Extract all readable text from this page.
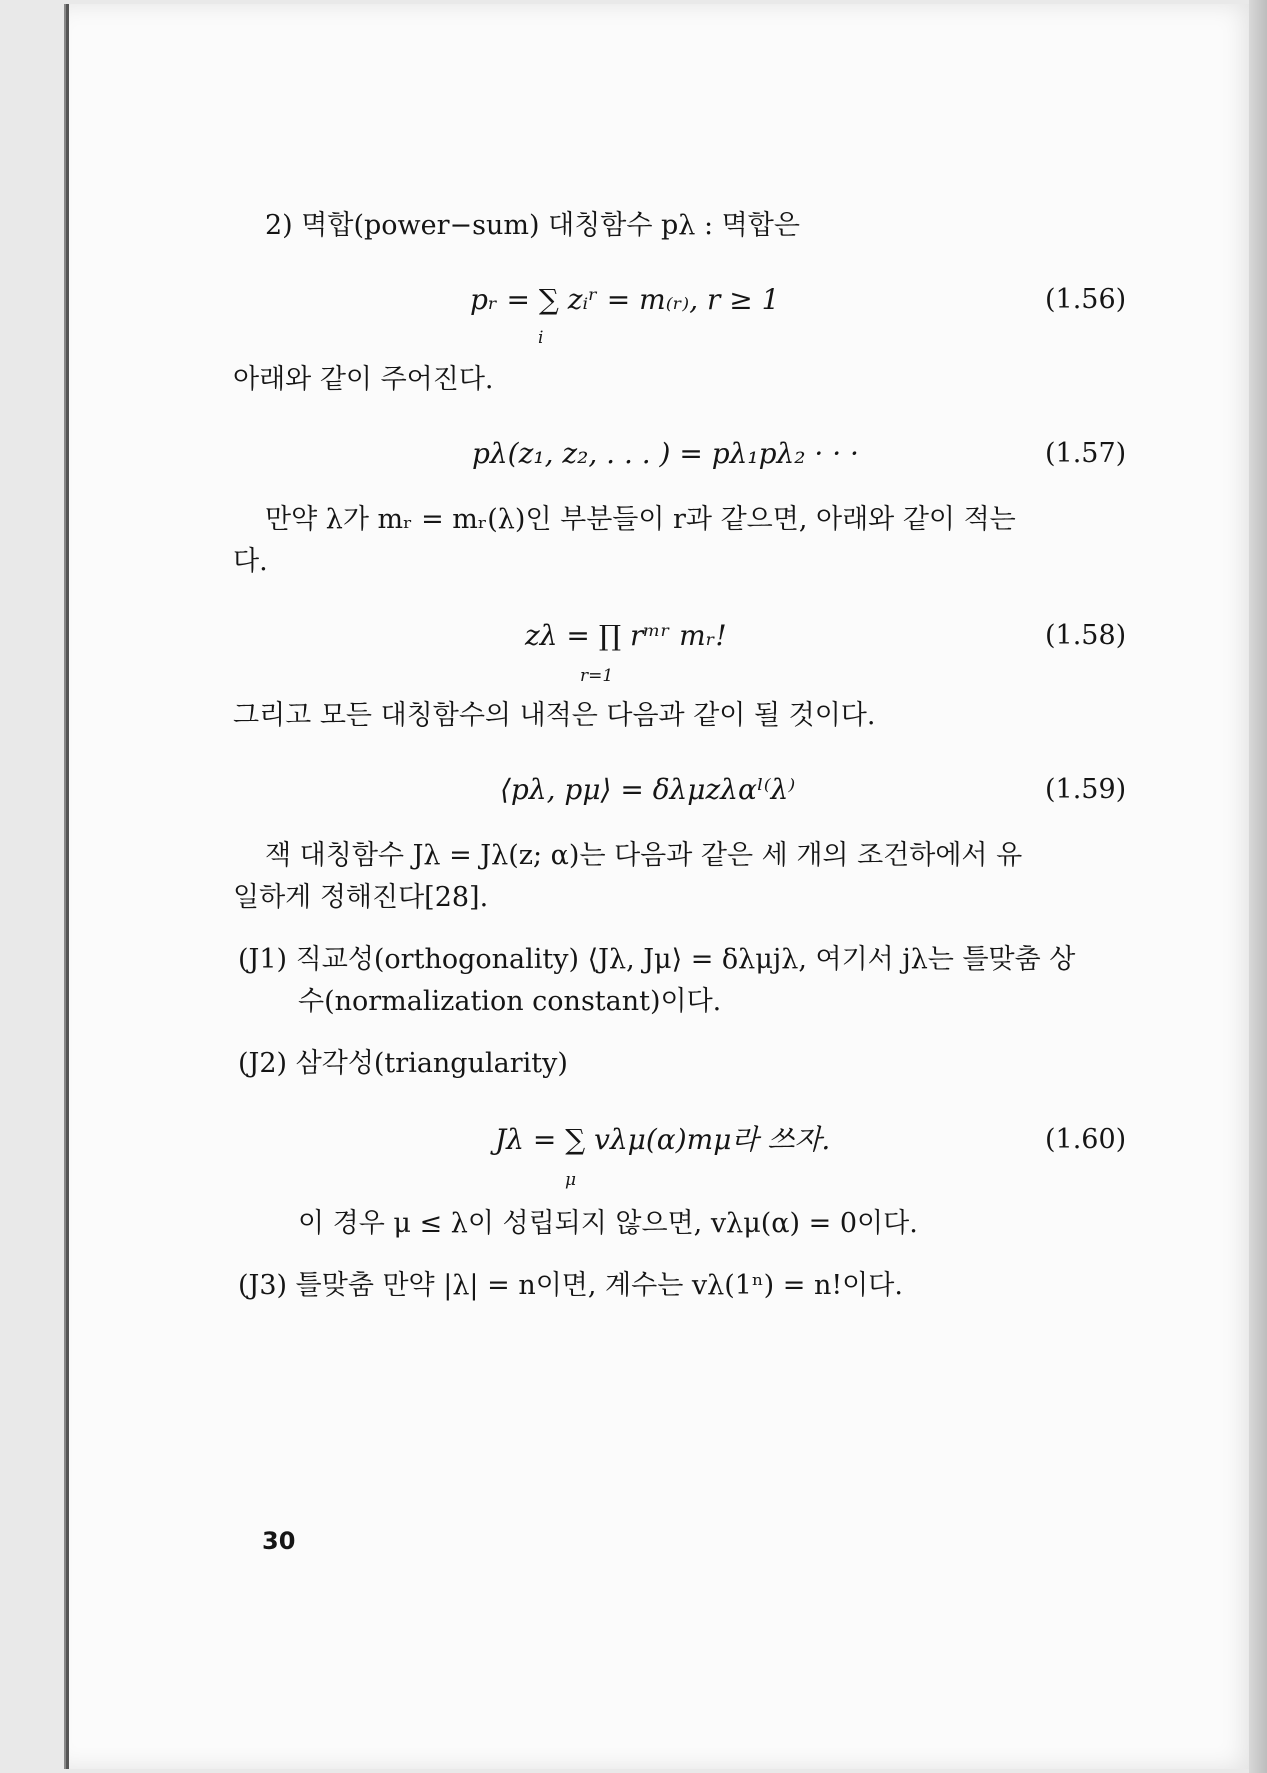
2) 멱합(power−sum) 대칭함수 pλ : 멱합은
pᵣ = ∑ zᵢʳ = m₍ᵣ₎, r ≥ 1
i
(1.56)
아래와 같이 주어진다.
pλ(z₁, z₂, . . . ) = pλ₁pλ₂ · · ·	(1.57)
만약 λ가 mᵣ = mᵣ(λ)인 부분들이 r과 같으면, 아래와 같이 적는
다.
zλ = ∏ rᵐʳ mᵣ!
r=1
(1.58)
그리고 모든 대칭함수의 내적은 다음과 같이 될 것이다.
⟨pλ, pμ⟩ = δλμzλαˡ⁽λ⁾	(1.59)
잭 대칭함수 Jλ = Jλ(z; α)는 다음과 같은 세 개의 조건하에서 유
일하게 정해진다[28].
(J1) 직교성(orthogonality) ⟨Jλ, Jμ⟩ = δλμjλ, 여기서 jλ는 틀맞춤 상
수(normalization constant)이다.
(J2) 삼각성(triangularity)
Jλ = ∑ vλμ(α)mμ라 쓰자.
μ
(1.60)
이 경우 μ ≤ λ이 성립되지 않으면, vλμ(α) = 0이다.
(J3) 틀맞춤 만약 |λ| = n이면, 계수는 vλ(1ⁿ) = n!이다.
30
